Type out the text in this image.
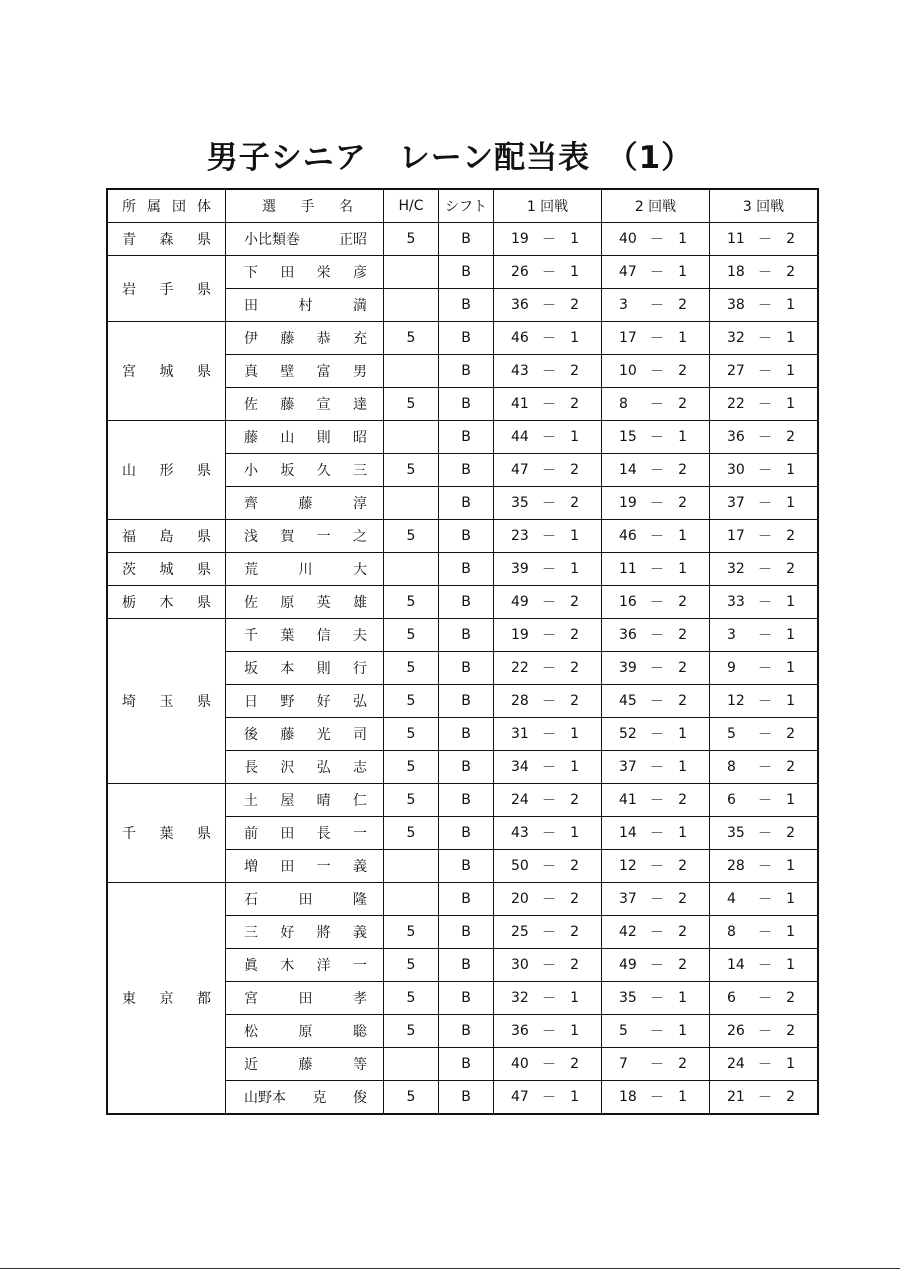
男子シニア　レーン配当表　（1）
所 属 団 体	選 手 名	H/C	シフト	1 回戦	2 回戦	3 回戦

青 森 県	小比類巻 正昭	5	B	19 － 1	40 － 1	11 － 2

岩 手 県	下 田 栄 彦		B	26 － 1	47 － 1	18 － 2

	田 村 満		B	36 － 2	3 － 2	38 － 1

宮 城 県	伊 藤 恭 充	5	B	46 － 1	17 － 1	32 － 1

	真 壁 富 男		B	43 － 2	10 － 2	27 － 1

	佐 藤 宣 達	5	B	41 － 2	8 － 2	22 － 1

山 形 県	藤 山 則 昭		B	44 － 1	15 － 1	36 － 2

	小 坂 久 三	5	B	47 － 2	14 － 2	30 － 1

	齊 藤 淳		B	35 － 2	19 － 2	37 － 1

福 島 県	浅 賀 一 之	5	B	23 － 1	46 － 1	17 － 2

茨 城 県	荒 川 大		B	39 － 1	11 － 1	32 － 2

栃 木 県	佐 原 英 雄	5	B	49 － 2	16 － 2	33 － 1

埼 玉 県	千 葉 信 夫	5	B	19 － 2	36 － 2	3 － 1

	坂 本 則 行	5	B	22 － 2	39 － 2	9 － 1

	日 野 好 弘	5	B	28 － 2	45 － 2	12 － 1

	後 藤 光 司	5	B	31 － 1	52 － 1	5 － 2

	長 沢 弘 志	5	B	34 － 1	37 － 1	8 － 2

千 葉 県	土 屋 晴 仁	5	B	24 － 2	41 － 2	6 － 1

	前 田 長 一	5	B	43 － 1	14 － 1	35 － 2

	増 田 一 義		B	50 － 2	12 － 2	28 － 1

東 京 都	石 田 隆		B	20 － 2	37 － 2	4 － 1

	三 好 將 義	5	B	25 － 2	42 － 2	8 － 1

	眞 木 洋 一	5	B	30 － 2	49 － 2	14 － 1

	宮 田 孝	5	B	32 － 1	35 － 1	6 － 2

	松 原 聡	5	B	36 － 1	5 － 1	26 － 2

	近 藤 等		B	40 － 2	7 － 2	24 － 1

	山野本 克 俊	5	B	47 － 1	18 － 1	21 － 2
